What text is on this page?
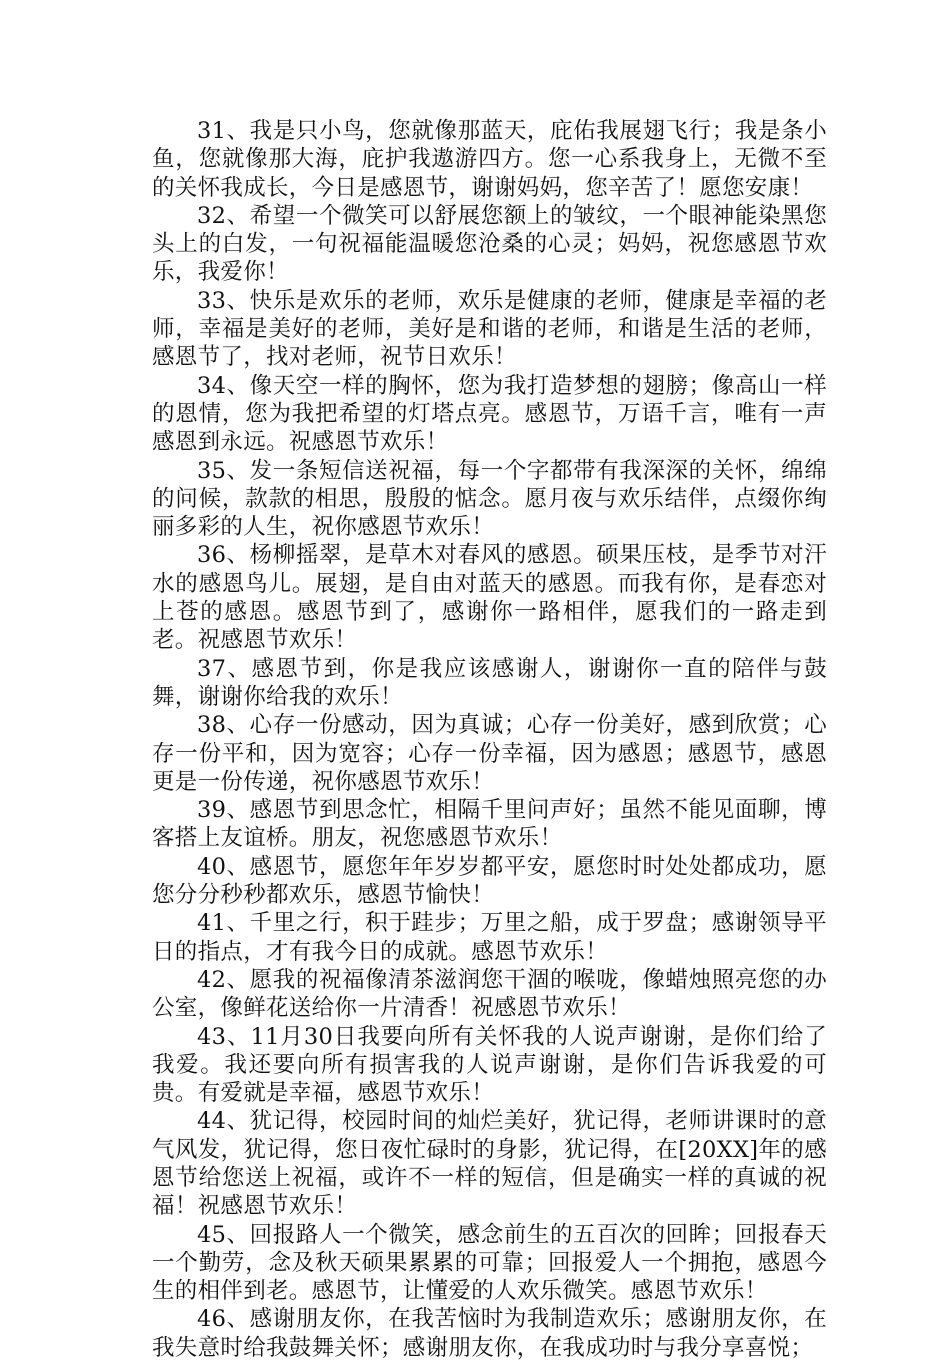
31、我是只小鸟，您就像那蓝天，庇佑我展翅飞行；我是条小鱼，您就像那大海，庇护我遨游四方。您一心系我身上，无微不至的关怀我成长，今日是感恩节，谢谢妈妈，您辛苦了！愿您安康！

32、希望一个微笑可以舒展您额上的皱纹，一个眼神能染黑您头上的白发，一句祝福能温暖您沧桑的心灵；妈妈，祝您感恩节欢乐，我爱你！

33、快乐是欢乐的老师，欢乐是健康的老师，健康是幸福的老师，幸福是美好的老师，美好是和谐的老师，和谐是生活的老师，感恩节了，找对老师，祝节日欢乐！

34、像天空一样的胸怀，您为我打造梦想的翅膀；像高山一样的恩情，您为我把希望的灯塔点亮。感恩节，万语千言，唯有一声感恩到永远。祝感恩节欢乐！

35、发一条短信送祝福，每一个字都带有我深深的关怀，绵绵的问候，款款的相思，殷殷的惦念。愿月夜与欢乐结伴，点缀你绚丽多彩的人生，祝你感恩节欢乐！

36、杨柳摇翠，是草木对春风的感恩。硕果压枝，是季节对汗水的感恩鸟儿。展翅，是自由对蓝天的感恩。而我有你，是春恋对上苍的感恩。感恩节到了，感谢你一路相伴，愿我们的一路走到老。祝感恩节欢乐！

37、感恩节到，你是我应该感谢人，谢谢你一直的陪伴与鼓舞，谢谢你给我的欢乐！

38、心存一份感动，因为真诚；心存一份美好，感到欣赏；心存一份平和，因为宽容；心存一份幸福，因为感恩；感恩节，感恩更是一份传递，祝你感恩节欢乐！

39、感恩节到思念忙，相隔千里问声好；虽然不能见面聊，博客搭上友谊桥。朋友，祝您感恩节欢乐！

40、感恩节，愿您年年岁岁都平安，愿您时时处处都成功，愿您分分秒秒都欢乐，感恩节愉快！

41、千里之行，积于跬步；万里之船，成于罗盘；感谢领导平日的指点，才有我今日的成就。感恩节欢乐！

42、愿我的祝福像清茶滋润您干涸的喉咙，像蜡烛照亮您的办公室，像鲜花送给你一片清香！祝感恩节欢乐！

43、11月30日我要向所有关怀我的人说声谢谢，是你们给了我爱。我还要向所有损害我的人说声谢谢，是你们告诉我爱的可贵。有爱就是幸福，感恩节欢乐！

44、犹记得，校园时间的灿烂美好，犹记得，老师讲课时的意气风发，犹记得，您日夜忙碌时的身影，犹记得，在[20XX]年的感恩节给您送上祝福，或许不一样的短信，但是确实一样的真诚的祝福！祝感恩节欢乐！

45、回报路人一个微笑，感念前生的五百次的回眸；回报春天一个勤劳，念及秋天硕果累累的可靠；回报爱人一个拥抱，感恩今生的相伴到老。感恩节，让懂爱的人欢乐微笑。感恩节欢乐！

46、感谢朋友你，在我苦恼时为我制造欢乐；感谢朋友你，在我失意时给我鼓舞关怀；感谢朋友你，在我成功时与我分享喜悦；
